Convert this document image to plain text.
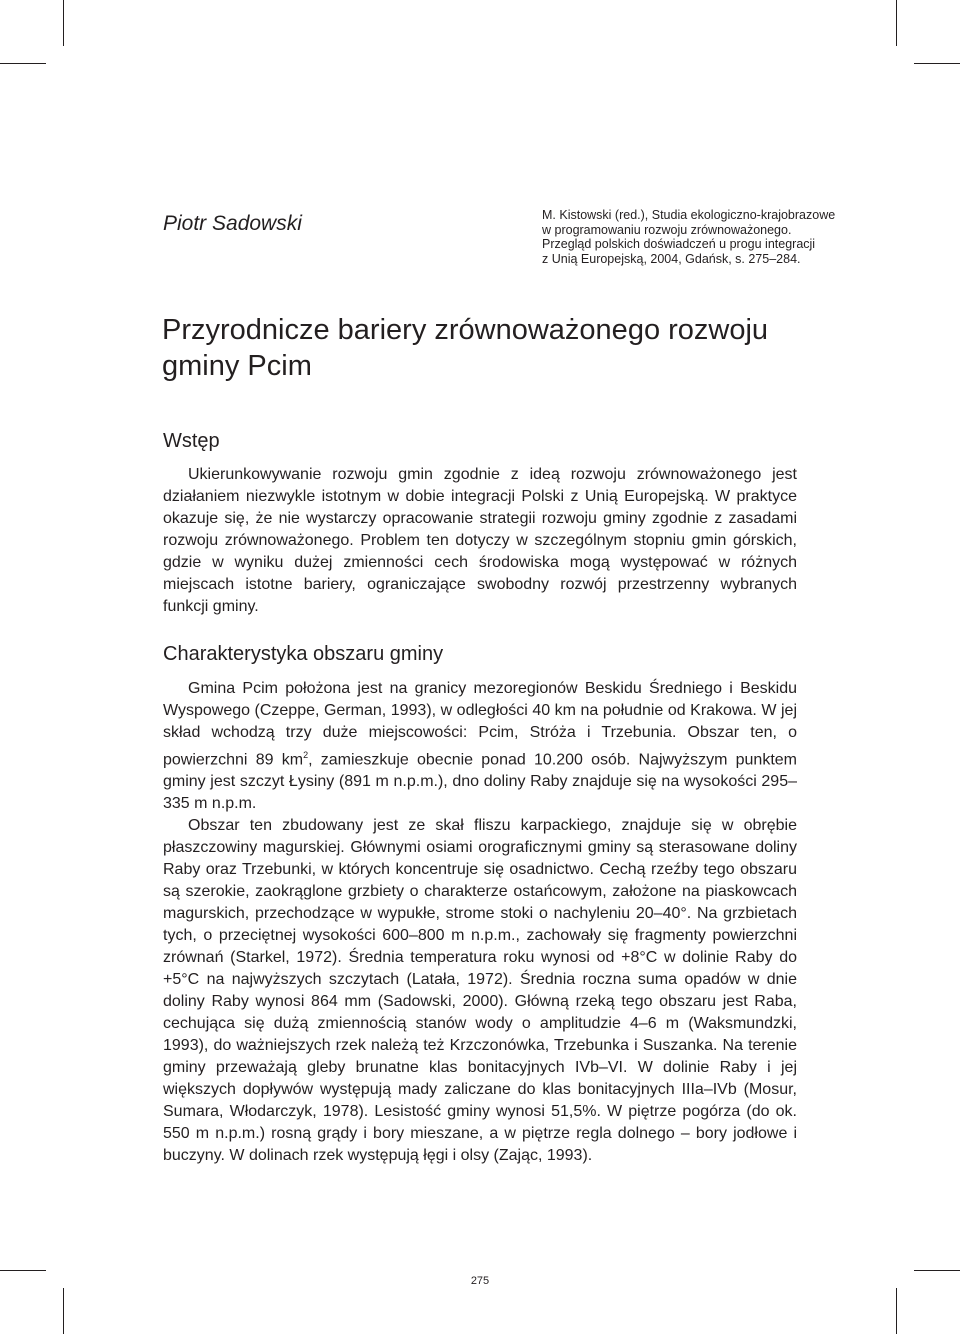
Piotr Sadowski	M. Kistowski (red.), Studia ekologiczno-krajobrazowe
w programowaniu rozwoju zrównoważonego.
Przegląd polskich doświadczeń u progu integracji
z Unią Europejską, 2004, Gdańsk, s. 275–284.
Przyrodnicze bariery zrównoważonego rozwoju
gminy Pcim
Wstęp

Ukierunkowywanie rozwoju gmin zgodnie z ideą rozwoju zrównoważonego jest działaniem niezwykle istotnym w dobie integracji Polski z Unią Europejską. W praktyce okazuje się, że nie wystarczy opracowanie strategii rozwoju gminy zgodnie z zasadami rozwoju zrównoważonego. Problem ten dotyczy w szczególnym stopniu gmin górskich, gdzie w wyniku dużej zmienności cech środowiska mogą występować w różnych miejscach istotne bariery, ograniczające swobodny rozwój przestrzenny wybranych funkcji gminy.

Charakterystyka obszaru gminy

Gmina Pcim położona jest na granicy mezoregionów Beskidu Średniego i Beskidu Wyspowego (Czeppe, German, 1993), w odległości 40 km na południe od Krakowa. W jej skład wchodzą trzy duże miejscowości: Pcim, Stróża i Trzebunia. Obszar ten, o powierzchni 89 $km^2$, zamieszkuje obecnie ponad 10.200 osób. Najwyższym punktem gminy jest szczyt Łysiny (891 m n.p.m.), dno doliny Raby znajduje się na wysokości 295–335 m n.p.m.

Obszar ten zbudowany jest ze skał fliszu karpackiego, znajduje się w obrębie płaszczowiny magurskiej. Głównymi osiami orograficznymi gminy są sterasowane doliny Raby oraz Trzebunki, w których koncentruje się osadnictwo. Cechą rzeźby tego obszaru są szerokie, zaokrąglone grzbiety o charakterze ostańcowym, założone na piaskowcach magurskich, przechodzące w wypukłe, strome stoki o nachyleniu 20–40°. Na grzbietach tych, o przeciętnej wysokości 600–800 m n.p.m., zachowały się fragmenty powierzchni zrównań (Starkel, 1972). Średnia temperatura roku wynosi od +8°C w dolinie Raby do +5°C na najwyższych szczytach (Latała, 1972). Średnia roczna suma opadów w dnie doliny Raby wynosi 864 mm (Sadowski, 2000). Główną rzeką tego obszaru jest Raba, cechująca się dużą zmiennością stanów wody o amplitudzie 4–6 m (Waksmundzki, 1993), do ważniejszych rzek należą też Krzczonówka, Trzebunka i Suszanka. Na terenie gminy przeważają gleby brunatne klas bonitacyjnych IVb–VI. W dolinie Raby i jej większych dopływów występują mady zaliczane do klas bonitacyjnych IIIa–IVb (Mosur, Sumara, Włodarczyk, 1978). Lesistość gminy wynosi 51,5%. W piętrze pogórza (do ok. 550 m n.p.m.) rosną grądy i bory mieszane, a w piętrze regla dolnego – bory jodłowe i buczyny. W dolinach rzek występują łęgi i olsy (Zając, 1993).

275
